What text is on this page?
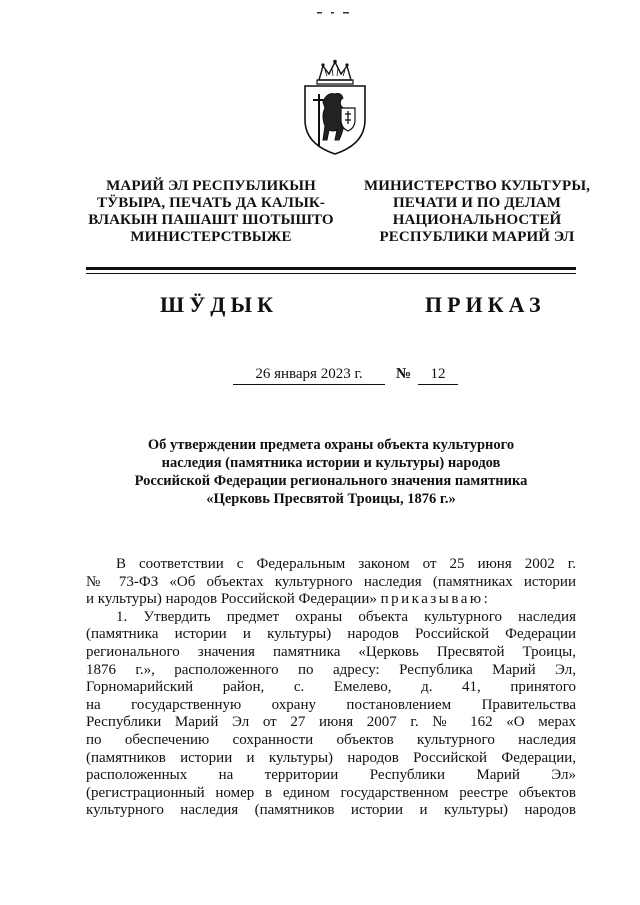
МАРИЙ ЭЛ РЕСПУБЛИКЫН
ТӰВЫРА, ПЕЧАТЬ ДА КАЛЫК-
ВЛАКЫН ПАШАШТ ШОТЫШТО
МИНИСТЕРСТВЫЖЕ
МИНИСТЕРСТВО КУЛЬТУРЫ,
ПЕЧАТИ И ПО ДЕЛАМ
НАЦИОНАЛЬНОСТЕЙ
РЕСПУБЛИКИ МАРИЙ ЭЛ
ШӰДЫК	ПРИКАЗ
26 января 2023 г.	№	12
Об утверждении предмета охраны объекта культурного
наследия (памятника истории и культуры) народов
Российской Федерации регионального значения памятника
«Церковь Пресвятой Троицы, 1876 г.»
В соответствии с Федеральным законом от 25 июня 2002 г.
№ 73-ФЗ «Об объектах культурного наследия (памятниках истории
и культуры) народов Российской Федерации» приказываю:
1. Утвердить предмет охраны объекта культурного наследия
(памятника истории и культуры) народов Российской Федерации
регионального значения памятника «Церковь Пресвятой Троицы,
1876 г.», расположенного по адресу: Республика Марий Эл,
Горномарийский район, с. Емелево, д. 41, принятого
на государственную охрану постановлением Правительства
Республики Марий Эл от 27 июня 2007 г. № 162 «О мерах
по обеспечению сохранности объектов культурного наследия
(памятников истории и культуры) народов Российской Федерации,
расположенных на территории Республики Марий Эл»
(регистрационный номер в едином государственном реестре объектов
культурного наследия (памятников истории и культуры) народов
